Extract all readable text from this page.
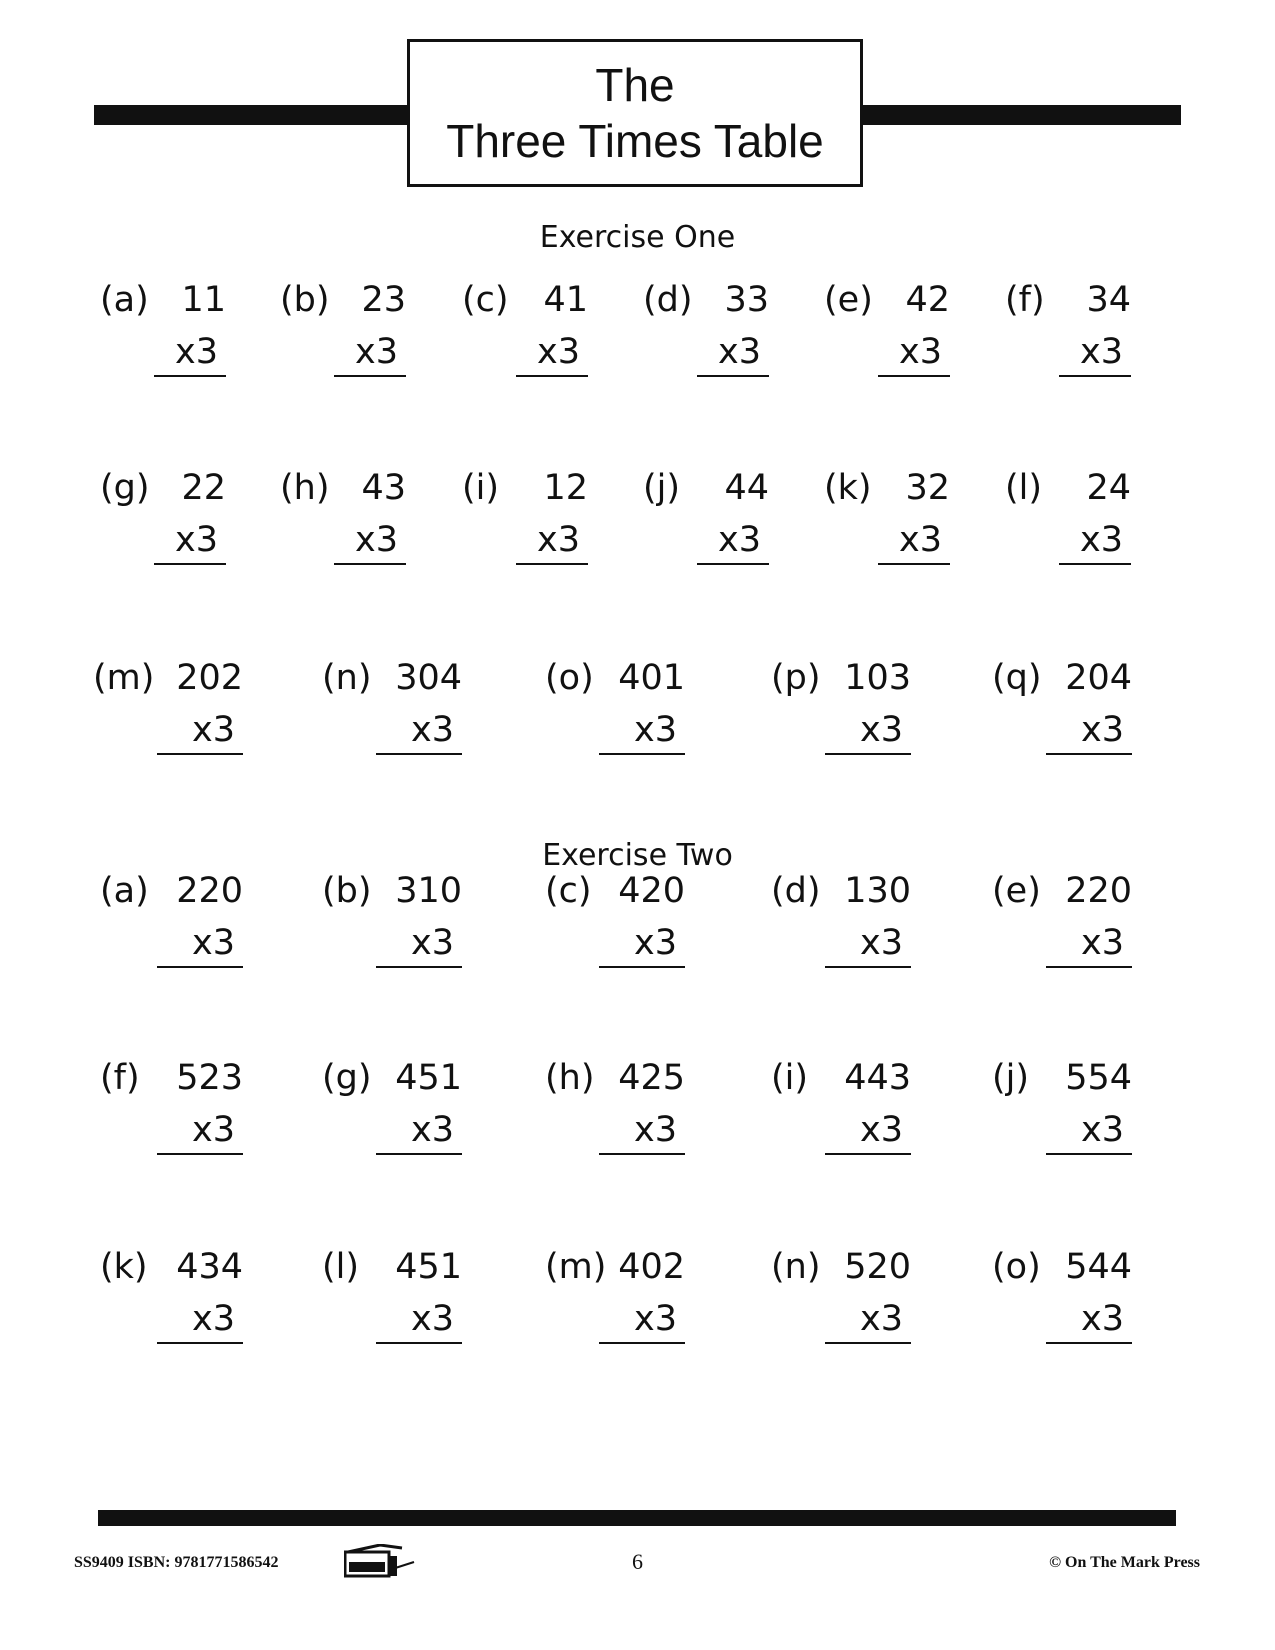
The
Three Times Table
Exercise One
(a) 11
x3
(b) 23
x3
(c) 41
x3
(d) 33
x3
(e) 42
x3
(f) 34
x3
(g) 22
x3
(h) 43
x3
(i) 12
x3
(j) 44
x3
(k) 32
x3
(l) 24
x3
(m) 202
x3
(n) 304
x3
(o) 401
x3
(p) 103
x3
(q) 204
x3
Exercise Two
(a) 220
x3
(b) 310
x3
(c) 420
x3
(d) 130
x3
(e) 220
x3
(f) 523
x3
(g) 451
x3
(h) 425
x3
(i) 443
x3
(j) 554
x3
(k) 434
x3
(l) 451
x3
(m) 402
x3
(n) 520
x3
(o) 544
x3
SS9409 ISBN: 9781771586542	6	© On The Mark Press
